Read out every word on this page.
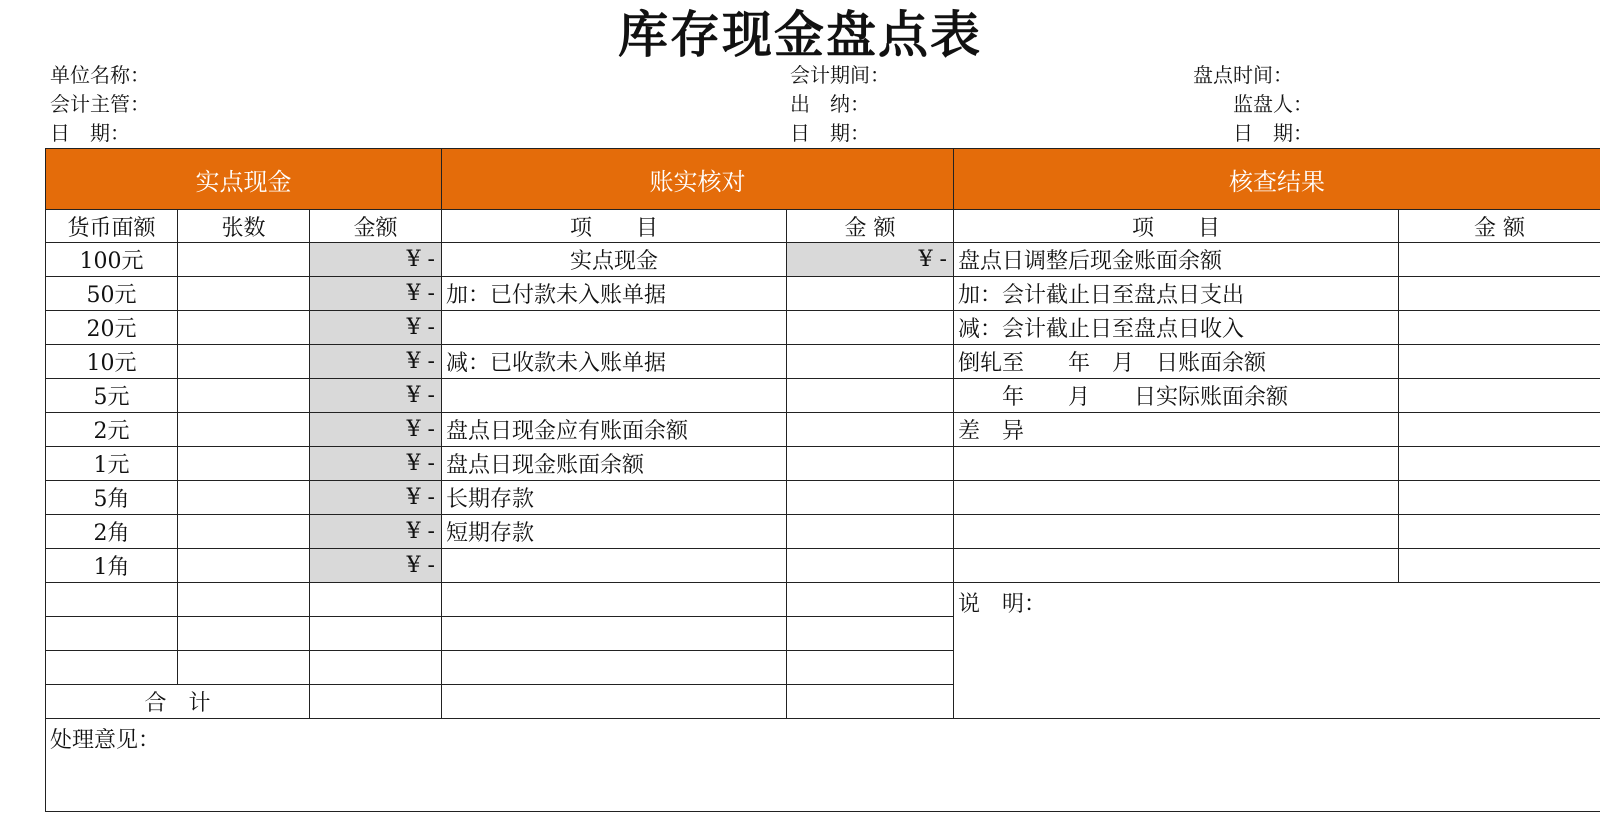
库存现金盘点表
单位名称：	会计期间：	盘点时间：
会计主管：	出　纳：	监盘人：
日　期：	日　期：	日　期：
实点现金			账实核对		核查结果	
货币面额	张数	金额	项　　目	金 额	项　　目	金 额
100元		¥ -	实点现金	¥ -	盘点日调整后现金账面余额	
50元		¥ -	加：已付款未入账单据		加：会计截止日至盘点日支出	
20元		¥ -			减：会计截止日至盘点日收入	
10元		¥ -	减：已收款未入账单据		倒轧至　　年　月　日账面余额	
5元		¥ -			　　年　　月　　日实际账面余额	
2元		¥ -	盘点日现金应有账面余额		差　异	
1元		¥ -	盘点日现金账面余额			
5角		¥ -	长期存款			
2角		¥ -	短期存款			
1角		¥ -				
					说　明：	

合　计						
处理意见：						
